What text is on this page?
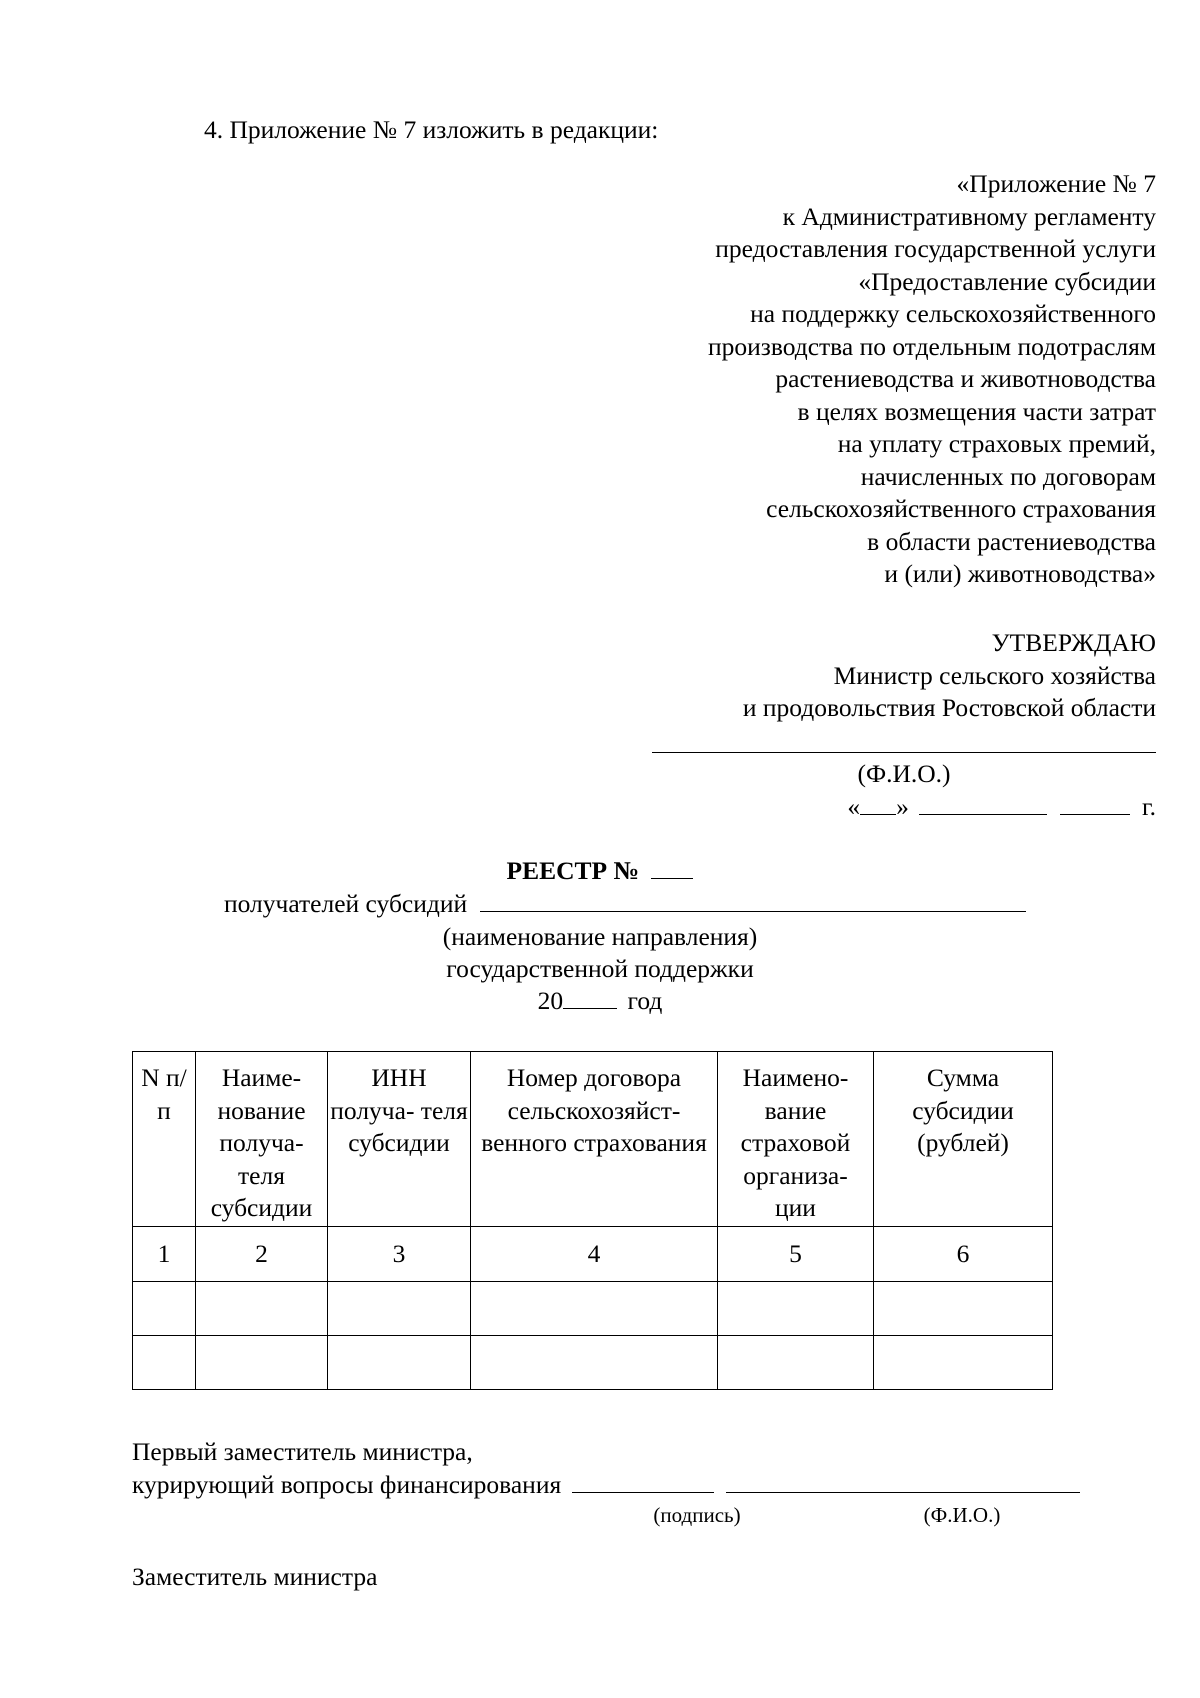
4. Приложение № 7 изложить в редакции:
«Приложение № 7
к Административному регламенту
предоставления государственной услуги
«Предоставление субсидии
на поддержку сельскохозяйственного
производства по отдельным подотраслям
растениеводства и животноводства
в целях возмещения части затрат
на уплату страховых премий,
начисленных по договорам
сельскохозяйственного страхования
в области растениеводства
и (или) животноводства»
УТВЕРЖДАЮ
Министр сельского хозяйства
и продовольствия Ростовской области
(Ф.И.О.)
« »	г.
РЕЕСТР №
получателей субсидий
(наименование направления)
государственной поддержки
20	год
N п/п	Наиме- нование получа- теля субсидии	ИНН получа- теля субсидии	Номер договора сельскохозяйст- венного страхования	Наимено- вание страховой организа- ции	Сумма субсидии (рублей)
1	2	3	4	5	6

Первый заместитель министра,
курирующий вопросы финансирования
(подпись)	(Ф.И.О.)
Заместитель министра
